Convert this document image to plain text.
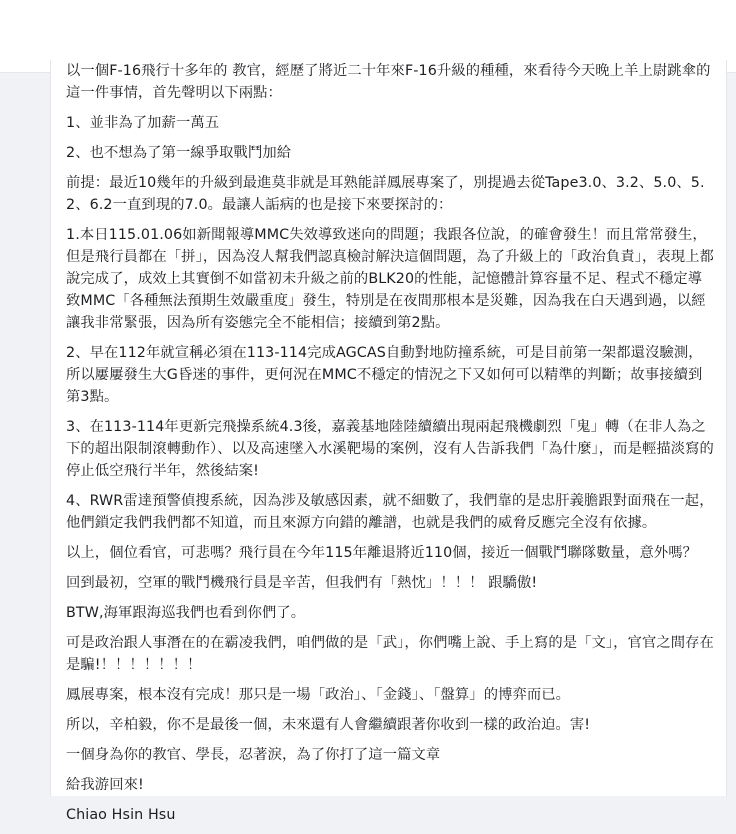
以一個F-16飛行十多年的 教官，經歷了將近二十年來F-16升級的種種，來看待今天晚上羊上尉跳傘的這一件事情，首先聲明以下兩點：

1、並非為了加薪一萬五

2、也不想為了第一線爭取戰鬥加給

前提：最近10幾年的升級到最進莫非就是耳熟能詳鳳展專案了，別提過去從Tape3.0、3.2、5.0、5.2、6.2一直到現的7.0。最讓人詬病的也是接下來要探討的：

1.本日115.01.06如新聞報導MMC失效導致迷向的問題；我跟各位說，的確會發生！而且常常發生，但是飛行員都在「拼」，因為沒人幫我們認真檢討解決這個問題，為了升級上的「政治負責」，表現上都說完成了，成效上其實倒不如當初未升級之前的BLK20的性能，記憶體計算容量不足、程式不穩定導致MMC「各種無法預期生效嚴重度」發生，特別是在夜間那根本是災難，因為我在白天遇到過，以經讓我非常緊張，因為所有姿態完全不能相信；接續到第2點。

2、早在112年就宣稱必須在113-114完成AGCAS自動對地防撞系統，可是目前第一架都還沒驗測，所以屢屢發生大G昏迷的事件，更何況在MMC不穩定的情況之下又如何可以精準的判斷；故事接續到第3點。

3、在113-114年更新完飛操系統4.3後，嘉義基地陸陸續續出現兩起飛機劇烈「鬼」轉（在非人為之下的超出限制滾轉動作）、以及高速墜入水溪靶場的案例，沒有人告訴我們「為什麼」，而是輕描淡寫的停止低空飛行半年，然後結案!

4、RWR雷達預警偵搜系統，因為涉及敏感因素，就不細數了，我們靠的是忠肝義膽跟對面飛在一起，他們鎖定我們我們都不知道，而且來源方向錯的離譜，也就是我們的威脅反應完全沒有依據。

以上，個位看官，可悲嗎？飛行員在今年115年離退將近110個，接近一個戰鬥聯隊數量，意外嗎？

回到最初，空軍的戰鬥機飛行員是辛苦，但我們有「熱忱」！！！ 跟驕傲!

BTW,海軍跟海巡我們也看到你們了。

可是政治跟人事潛在的在霸凌我們，咱們做的是「武」，你們嘴上說、手上寫的是「文」，官官之間存在是騙!！！！！！！！

鳳展專案，根本沒有完成！那只是一場「政治」、「金錢」、「盤算」的博弈而已。

所以，辛柏毅，你不是最後一個，未來還有人會繼續跟著你收到一樣的政治迫。害!

一個身為你的教官、學長，忍著淚，為了你打了這一篇文章

給我游回來!

Chiao Hsin Hsu
